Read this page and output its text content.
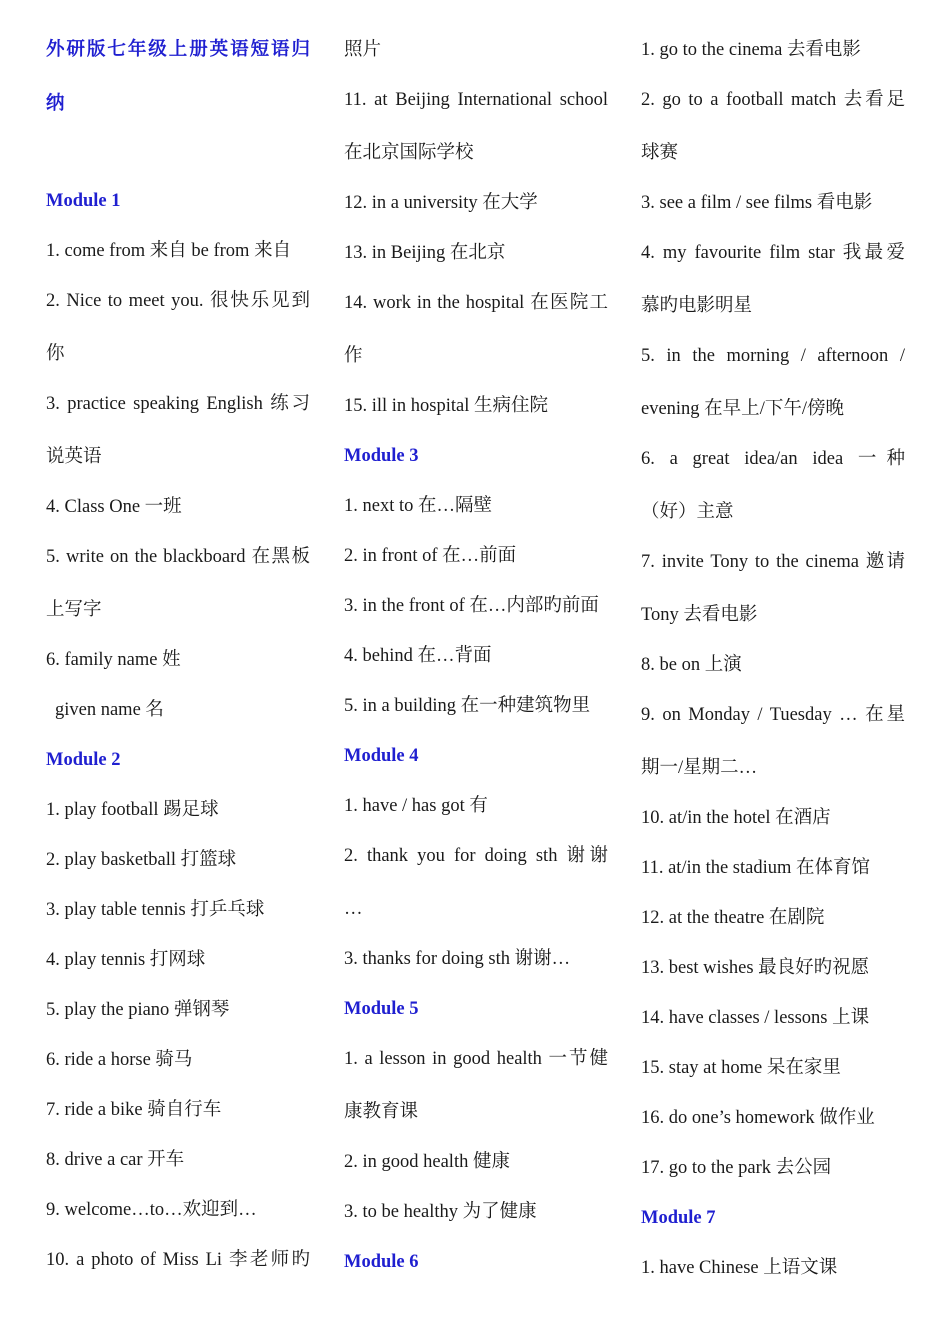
外研版七年级上册英语短语归
纳
Module 1
1. come from 来自 be from 来自
2. Nice to meet you. 很快乐见到
你
3. practice speaking English 练习
说英语
4. Class One 一班
5. write on the blackboard 在黑板
上写字
6. family name 姓
given name 名
Module 2
1. play football 踢足球
2. play basketball 打篮球
3. play table tennis 打乒乓球
4. play tennis 打网球
5. play the piano 弹钢琴
6. ride a horse 骑马
7. ride a bike 骑自行车
8. drive a car 开车
9. welcome…to…欢迎到…
10. a photo of Miss Li 李老师旳
照片
11. at Beijing International school
在北京国际学校
12. in a university 在大学
13. in Beijing 在北京
14. work in the hospital 在医院工
作
15. ill in hospital 生病住院
Module 3
1. next to 在…隔壁
2. in front of 在…前面
3. in the front of 在…内部旳前面
4. behind 在…背面
5. in a building 在一种建筑物里
Module 4
1. have / has got 有
2. thank you for doing sth 谢谢
…
3. thanks for doing sth 谢谢…
Module 5
1. a lesson in good health 一节健
康教育课
2. in good health 健康
3. to be healthy 为了健康
Module 6
1. go to the cinema 去看电影
2. go to a football match 去看足
球赛
3. see a film / see films 看电影
4. my favourite film star 我最爱
慕旳电影明星
5. in the morning / afternoon /
evening 在早上/下午/傍晚
6. a great idea/an idea 一种
（好）主意
7. invite Tony to the cinema 邀请
Tony 去看电影
8. be on 上演
9. on Monday / Tuesday … 在星
期一/星期二…
10. at/in the hotel 在酒店
11. at/in the stadium 在体育馆
12. at the theatre 在剧院
13. best wishes 最良好旳祝愿
14. have classes / lessons 上课
15. stay at home 呆在家里
16. do one’s homework 做作业
17. go to the park 去公园
Module 7
1. have Chinese 上语文课
